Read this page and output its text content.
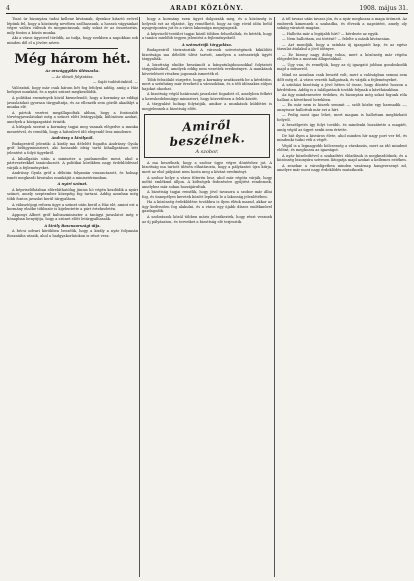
4	ARADI KÖZLÖNY.	1908. május 31.

Tiszó úr bizonyára tudni kellene kívánnak, ilyenkor kitartó erővel lépünk fel, hogy a közönség nevében szólhassunk, a hosszú vágyainkat végre valóra váltsuk és megmutassuk, mily sokat ér az összetartás, mily fontos a közös munka.

Aki a város ügyeivel törődik, az tudja, hogy ezekben a napokban sok minden dől el a jövőre nézve.

Még három hét.
Az országgyűlés ülésszaka.
— Az ülések folytatása.
— Saját tudósítónktól. —

Valószínű, hogy már csak három hét fog lefolyni addig, amíg a Ház befejezi munkáit, és a nyári szünet megkezdődik.

A politikai események közül kiemelendő, hogy a kormány az eddigi javaslatokat gyorsan tárgyaltatja, és az ellenzék sem gördít akadályt a munka elé.

A pártok vezérei megállapodtak abban, hogy a fontosabb törvényjavaslatokat még a szünet előtt letárgyalják, különösen azokat, amelyek a közigazgatást érintik.

A hírlapok szerint a kormány tagjai meg vannak elégedve a munka menetével, és remélik, hogy a hátralevő idő elegendő lesz mindenre.

Andrássy a királynál.

Budapestről jelentik: A király ma délelőtt fogadta Andrássy Gyula gróf belügyminisztert, aki hosszabb ideig tartó kihallgatáson tett jelentést a folyó ügyekről.

A kihallgatás után a miniszter a parlamentbe ment, ahol a pártvezérekkel tanácskozott. A politikai körökben nagy érdeklődéssel várják a fejleményeket.

Andrássy Gyula gróf a délután folyamán visszautazott, és holnap ismét megkezdi hivatalos munkáját a minisztériumban.

A nyári szünet.

A képviselőházban előreláthatólag június hó végén kezdődik a nyári szünet, amely szeptember közepéig fog tartani. Addig azonban még több fontos javaslat kerül tárgyalásra.

A választójogi reform ügye a szünet után kerül a Ház elé, amint ezt a kormány elnöke többször is kijelentette a párt értekezletén.

Apponyi Albert gróf kultuszminiszter a tanügyi javaslatot még e hónapban benyújtja, hogy a szünet előtt letárgyalhassák.

A király Bosznaországi útja.

A bécsi udvari körökben beszélik, hogy a király a nyár folyamán Boszniába utazik, ahol a hadgyakorlatokon is részt vesz.

hogy a kormány ezen ügyet dolgozzák meg, és a közönség is helyesli ezt az eljárást. Így remélhető, hogy az ügy rövid időn belül nyugvópontra jut és a város lakossága megnyugszik.

A képviselő-testület tagjai közül többen felszólaltak, és kérték, hogy a tanács mielőbb tegyen jelentést a fejleményekről.

A szénsztrájk tárgyalása.

Budapestről táviratozták: A városok szövetségének kiküldött bizottsága ma délelőtt ülést tartott, amelyen a szénsztrájk ügyét tárgyalták.

A bizottság elnöke beszámolt a bányatulajdonosokkal folytatott tárgyalásokról, amelyek eddig nem vezettek eredményre. A munkások követeléseit részben jogosnak ismerték el.

Több felszólaló sürgette, hogy a kormány avatkozzék be a kérdésbe, mert a szénhiány már érezhető a városokban, és a téli időszakra súlyos bajokat okozhat.

A bizottság végül határozati javaslatot fogadott el, amelyben felkéri a kereskedelemügyi minisztert, hogy közvetítsen a felek között.

A tárgyalást holnap folytatják, amikor a munkások küldöttei is megjelennek a bizottság előtt.

Amiről beszélnek.
A szobor.

A ma beszélnek, hogy a szobor ügye végre döntéshez jut. A bizottság ma tartott ülésén elhatározta, hogy a pályázatot újra kiírja, mert az első pályázat nem hozta meg a kívánt eredményt.

A szobor helye a város főterén lesz, ahol már régóta várják, hogy méltó emlékmű álljon. A költségek fedezésére gyűjtést rendeznek, amelyhez már sokan hozzájárultak.

A bizottság tagjai remélik, hogy jövő tavaszra a szobor már állni fog, és ünnepélyes keretek között leplezik le a lakosság jelenlétében.

Ha a közönség érdeklődése továbbra is ilyen élénk marad, akkor az ügy kedvezően fog alakulni, és a város egy újabb díszes emlékművel gazdagodik.

A szobrászok közül többen máris jelentkeztek, hogy részt vesznek az új pályázaton, és terveiket a bizottság elé terjesztik.

A tél tavasz után tavasz jön, és a nyár meghozza a maga örömeit. Az emberek kimennek a szabadba, és élvezik a napsütést, amely oly sokáig váratott magára.

— Hallotta már a legújabb hírt? — kérdezte az egyik.

— Nem hallottam, mi történt? — felelte a másik kíváncsian.

— Azt mondják, hogy a színház új igazgatót kap, és az egész társulat átalakul a jövő idényre.

— Ez bizony nagy dolog volna, mert a közönség már régóta elégedetlen a mostani állapotokkal.

— Úgy van, és reméljük, hogy az új igazgató jobban gondoskodik majd a műsorról.

Mind ez azonban csak beszéd volt, mert a valóságban semmi sem dőlt még el. A város vezetői hallgatnak, és várják a fejleményeket.

A színházi bizottság a jövő héten ül össze, hogy döntést hozzon a kérdésben. Addig is a találgatások tovább folynak a kávéházakban.

Az ügy mindenesetre érdekes, és bizonyára még sokat fogunk róla hallani a következő hetekben.

— Én már nem is hiszek semmit — szólt közbe egy harmadik —, annyiszor hallottuk már ezt a hírt.

— Pedig most igaz lehet, mert magam is hallottam megbízható helyről.

A beszélgetés így folyt tovább, és mindenki hozzátette a magáét, amíg végül az ügyet senki sem értette.

De hát ilyen a kisváros élete, ahol minden hír nagy port ver fel, és mindenki tudni véli a végét.

Végül is a legnagyobb bölcsesség a várakozás, mert az idő mindent eldönt, és meghozza az igazságot.

A nyár közeledtével a szabadtéri előadások is megkezdődnek, és a közönség bizonyára szívesen látogatja majd azokat a kellemes estéken.

A zenekar a városligetben minden vasárnap hangversenyt ad, amelyre már most nagy érdeklődés mutatkozik.
